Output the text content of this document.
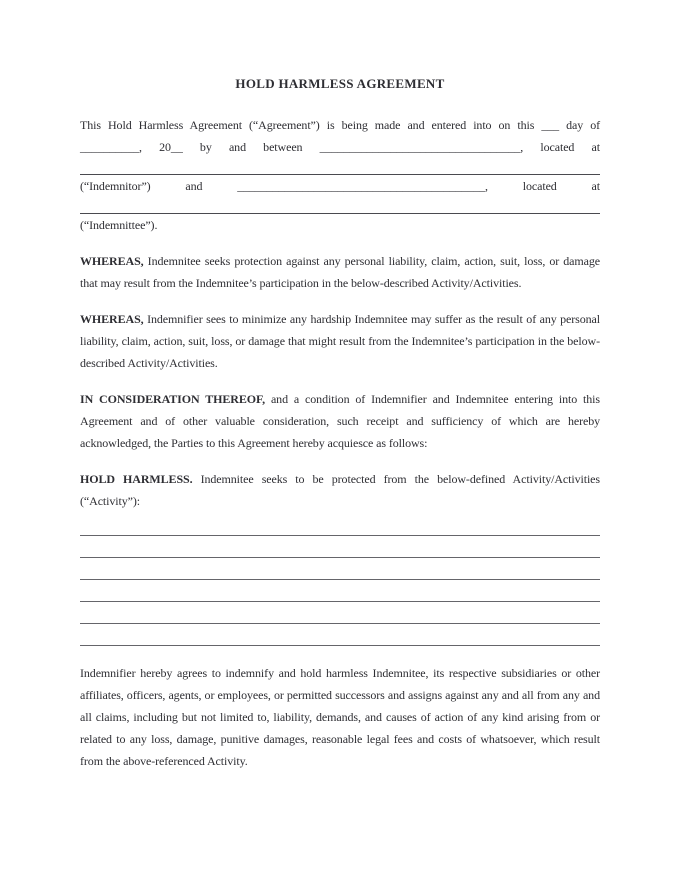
HOLD HARMLESS AGREEMENT
This Hold Harmless Agreement (“Agreement”) is being made and entered into on this ___ day of
__________, 20__ by and between __________________________________, located at
(“Indemnitor”) and __________________________________________, located at
(“Indemnittee”).

WHEREAS, Indemnitee seeks protection against any personal liability, claim, action, suit, loss, or damage that may result from the Indemnitee’s participation in the below-described Activity/Activities.

WHEREAS, Indemnifier sees to minimize any hardship Indemnitee may suffer as the result of any personal liability, claim, action, suit, loss, or damage that might result from the Indemnitee’s participation in the below-described Activity/Activities.

IN CONSIDERATION THEREOF, and a condition of Indemnifier and Indemnitee entering into this Agreement and of other valuable consideration, such receipt and sufficiency of which are hereby acknowledged, the Parties to this Agreement hereby acquiesce as follows:

HOLD HARMLESS. Indemnitee seeks to be protected from the below-defined Activity/Activities (“Activity”):

Indemnifier hereby agrees to indemnify and hold harmless Indemnitee, its respective subsidiaries or other affiliates, officers, agents, or employees, or permitted successors and assigns against any and all from any and all claims, including but not limited to, liability, demands, and causes of action of any kind arising from or related to any loss, damage, punitive damages, reasonable legal fees and costs of whatsoever, which result from the above-referenced Activity.
